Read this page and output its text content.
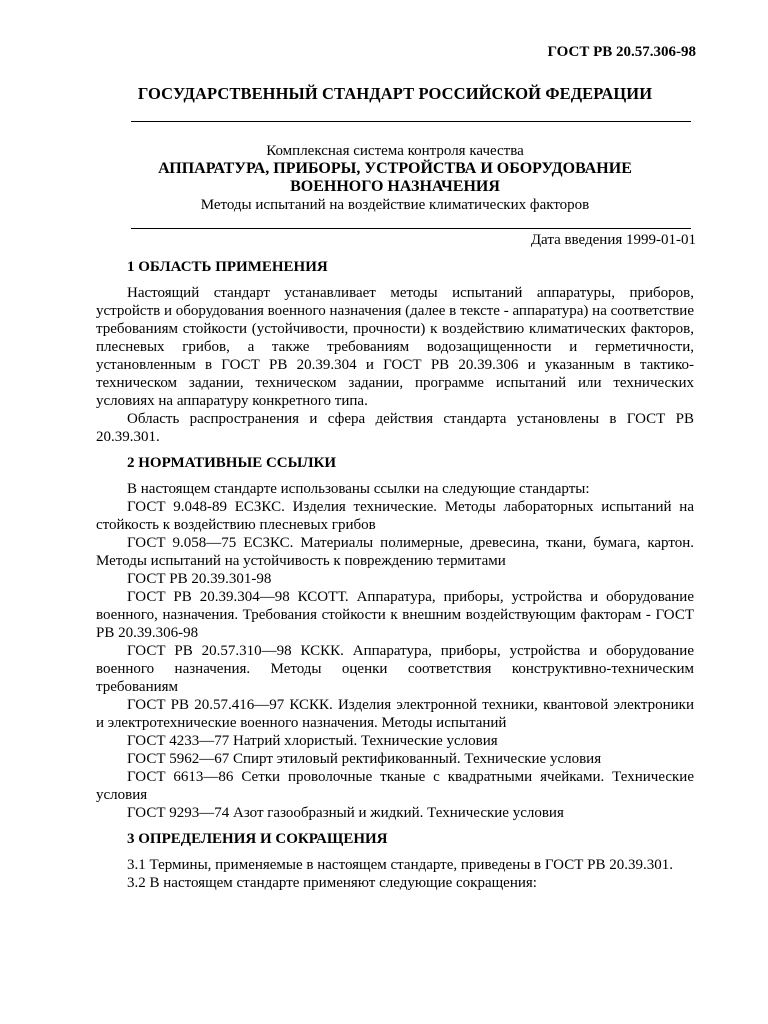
ГОСТ РВ 20.57.306-98
ГОСУДАРСТВЕННЫЙ СТАНДАРТ РОССИЙСКОЙ ФЕДЕРАЦИИ
Комплексная система контроля качества
АППАРАТУРА, ПРИБОРЫ, УСТРОЙСТВА И ОБОРУДОВАНИЕ
ВОЕННОГО НАЗНАЧЕНИЯ
Методы испытаний на воздействие климатических факторов
Дата введения 1999-01-01
1 ОБЛАСТЬ ПРИМЕНЕНИЯ

Настоящий стандарт устанавливает методы испытаний аппаратуры, приборов, устройств и оборудования военного назначения (далее в тексте - аппаратура) на соответствие требованиям стойкости (устойчивости, прочности) к воздействию климатических факторов, плесневых грибов, а также требованиям водозащищенности и герметичности, установленным в ГОСТ РВ 20.39.304 и ГОСТ РВ 20.39.306 и указанным в тактико-техническом задании, техническом задании, программе испытаний или технических условиях на аппаратуру конкретного типа.

Область распространения и сфера действия стандарта установлены в ГОСТ РВ 20.39.301.

2 НОРМАТИВНЫЕ ССЫЛКИ

В настоящем стандарте использованы ссылки на следующие стандарты:

ГОСТ 9.048-89 ЕСЗКС. Изделия технические. Методы лабораторных испытаний на стойкость к воздействию плесневых грибов

ГОСТ 9.058—75 ЕСЗКС. Материалы полимерные, древесина, ткани, бумага, картон. Методы испытаний на устойчивость к повреждению термитами

ГОСТ РВ 20.39.301-98

ГОСТ РВ 20.39.304—98 КСОТТ. Аппаратура, приборы, устройства и оборудование военного, назначения. Требования стойкости к внешним воздействующим факторам - ГОСТ РВ 20.39.306-98

ГОСТ РВ 20.57.310—98 КСКК. Аппаратура, приборы, устройства и оборудование военного назначения. Методы оценки соответствия конструктивно-техническим требованиям

ГОСТ РВ 20.57.416—97 КСКК. Изделия электронной техники, квантовой электроники и электротехнические военного назначения. Методы испытаний

ГОСТ 4233—77 Натрий хлористый. Технические условия

ГОСТ 5962—67 Спирт этиловый ректификованный. Технические условия

ГОСТ 6613—86 Сетки проволочные тканые с квадратными ячейками. Технические условия

ГОСТ 9293—74 Азот газообразный и жидкий. Технические условия

3 ОПРЕДЕЛЕНИЯ И СОКРАЩЕНИЯ

3.1 Термины, применяемые в настоящем стандарте, приведены в ГОСТ РВ 20.39.301.

3.2 В настоящем стандарте применяют следующие сокращения:
